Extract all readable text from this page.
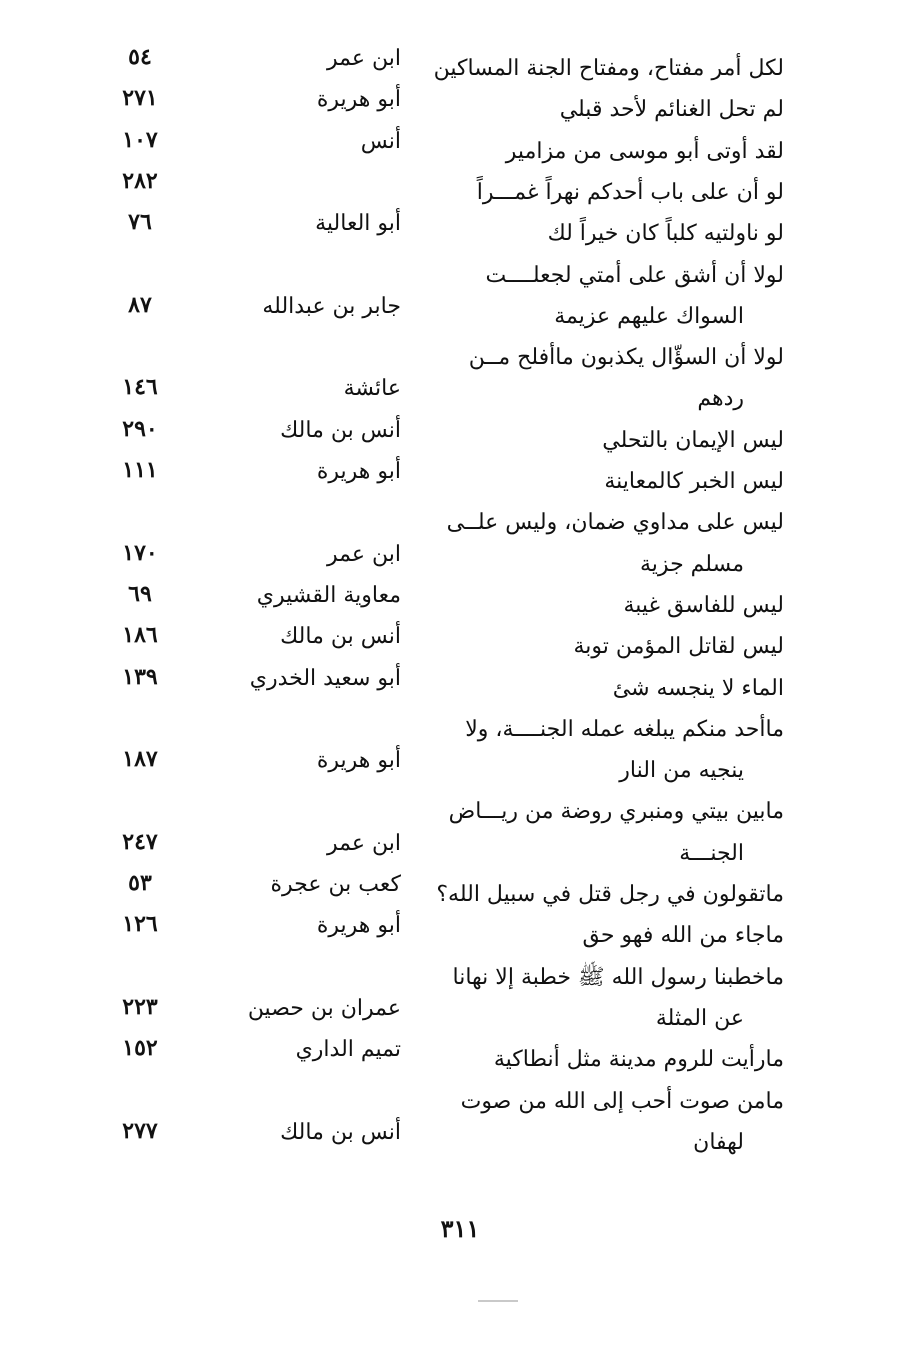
لكل أمر مفتاح، ومفتاح الجنة المساكين
ابن عمر
٥٤
لم تحل الغنائم لأحد قبلي
أبو هريرة
٢٧١
لقد أوتى أبو موسى من مزامير
أنس
١٠٧
لو أن على باب أحدكم نهراً غمـــراً
٢٨٢
لو ناولتيه كلباً كان خيراً لك
أبو العالية
٧٦
لولا أن أشق على أمتي لجعلــــت
السواك عليهم عزيمة
جابر بن عبدالله
٨٧
لولا أن السؤّال يكذبون ماأفلح مــن
ردهم
عائشة
١٤٦
ليس الإيمان بالتحلي
أنس بن مالك
٢٩٠
ليس الخبر كالمعاينة
أبو هريرة
١١١
ليس على مداوي ضمان، وليس علــى
مسلم جزية
ابن عمر
١٧٠
ليس للفاسق غيبة
معاوية القشيري
٦٩
ليس لقاتل المؤمن توبة
أنس بن مالك
١٨٦
الماء لا ينجسه شئ
أبو سعيد الخدري
١٣٩
ماأحد منكم يبلغه عمله الجنــــة، ولا
ينجيه من النار
أبو هريرة
١٨٧
مابين بيتي ومنبري روضة من ريـــاض
الجنـــة
ابن عمر
٢٤٧
ماتقولون في رجل قتل في سبيل الله؟
كعب بن عجرة
٥٣
ماجاء من الله فهو حق
أبو هريرة
١٢٦
ماخطبنا رسول الله ﷺ خطبة إلا نهانا
عن المثلة
عمران بن حصين
٢٢٣
مارأيت للروم مدينة مثل أنطاكية
تميم الداري
١٥٢
مامن صوت أحب إلى الله من صوت
لهفان
أنس بن مالك
٢٧٧
٣١١
